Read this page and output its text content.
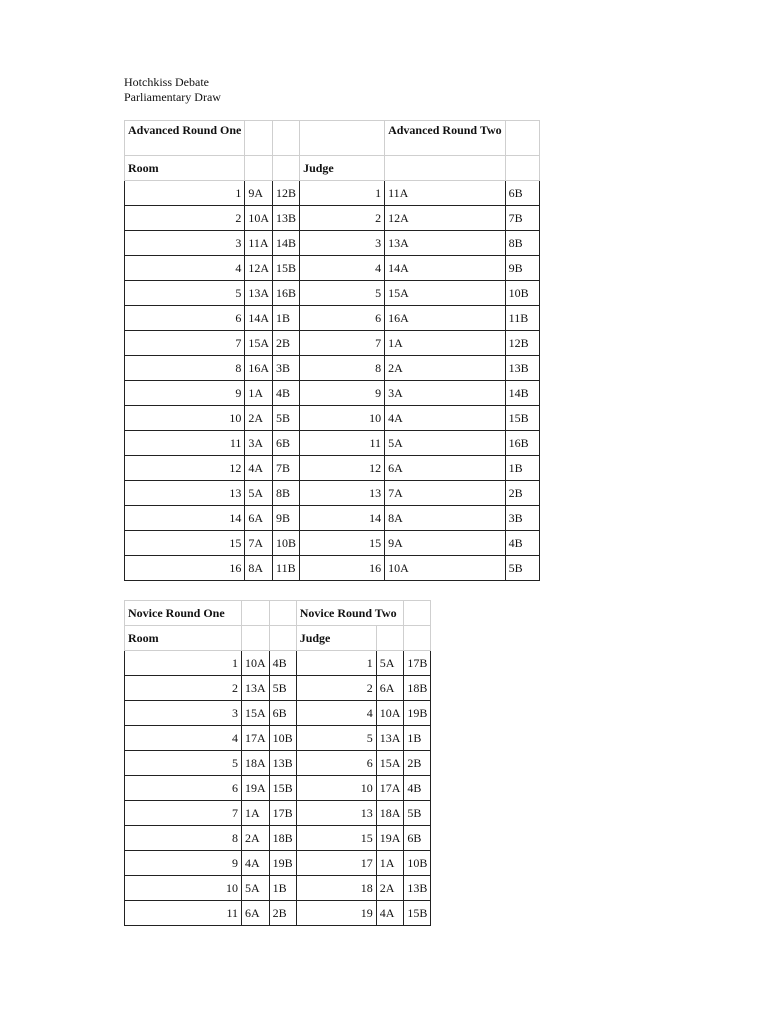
Hotchkiss Debate
Parliamentary Draw
Advanced Round One				Advanced Round Two	
Room			Judge		
1	9A	12B	1	11A	6B
2	10A	13B	2	12A	7B
3	11A	14B	3	13A	8B
4	12A	15B	4	14A	9B
5	13A	16B	5	15A	10B
6	14A	1B	6	16A	11B
7	15A	2B	7	1A	12B
8	16A	3B	8	2A	13B
9	1A	4B	9	3A	14B
10	2A	5B	10	4A	15B
11	3A	6B	11	5A	16B
12	4A	7B	12	6A	1B
13	5A	8B	13	7A	2B
14	6A	9B	14	8A	3B
15	7A	10B	15	9A	4B
16	8A	11B	16	10A	5B
Novice Round One			Novice Round Two		
Room			Judge		
1	10A	4B	1	5A	17B
2	13A	5B	2	6A	18B
3	15A	6B	4	10A	19B
4	17A	10B	5	13A	1B
5	18A	13B	6	15A	2B
6	19A	15B	10	17A	4B
7	1A	17B	13	18A	5B
8	2A	18B	15	19A	6B
9	4A	19B	17	1A	10B
10	5A	1B	18	2A	13B
11	6A	2B	19	4A	15B
